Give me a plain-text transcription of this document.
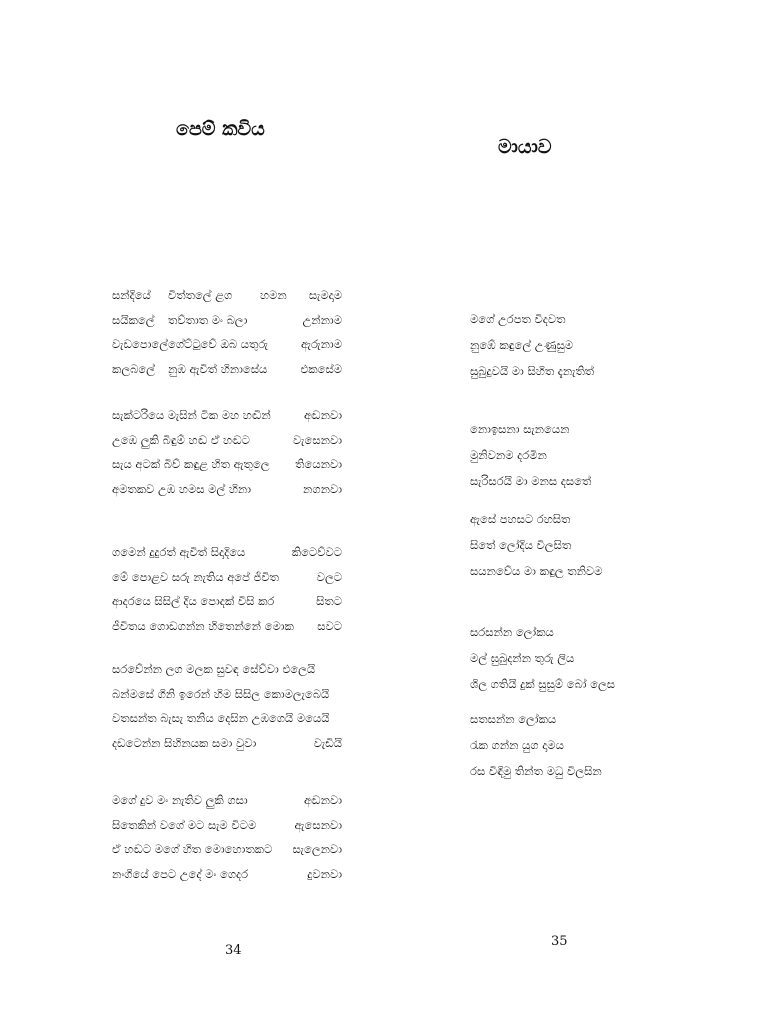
පෙම් කවිය
සන්දියේ විත්තලේ ළග හමන සැමදාම
සයිකලේ තව්තාත මං බලා	උන්නාම
වැඩපොලේ ගේට්ටුවේ ඔබ යතුරු	ඇරුනාම
කලබලේ නුඹ ඇවිත් හිනාසේය	එකසේම
සැක්ටරියෙ මැසින් ටික මහ හඬින්	අඬනවා
උඹෙ ලුකි බිඳුම් හඬ ඒ හඬට	වැසෙනවා
සැය අටක් බිව් කඳුළ හිත ඇතුලෙ තියෙනවා
අමතකව උඹ හමස මල් හිනා	නගනවා
ගමෙන් දුදුරත් ඇවිත් සිදාදියෙ	කිටෙව්වට
මේ පොළව සරු නැතිය අපේ ජිවිත	වලට
ආදරයෙ සිසිල් දිය පොදක් විසි කර	සිතට
ජීවිතය ගොඩගන්න හිතෙන්නේ මොක සවට
සරවේන්න ලග මලක සුවඳ සේව්වා එලෙයි
බන්මසේ ගිනි ඉරෙන් හිම සිසිල කොමලැබෙයි
වතසන්ත බැසැ තනිය දෙසින උඹගෙයි මයෙයි
දඩටෙන්න සිහිනයක සමා වුවා	වැඩියි
මගේ දුව මං නැතිව ලුකි ගසා	අඬනවා
සිතෙකින් වගේ මට සැම විටම	ඇසෙනවා
ඒ හඬට මගේ හිත මොහොතකට සැලෙනවා
නංගියේ පෙට උදේ මං ගෙදර	දුවනවා
34
මායාව
මගේ උරපත විදවත
නුඹේ කඳුලේ උණුසුම
සුබුදුවයි මා සිහිත දැනැතිත්
නොඉසනා සැනයෙන
මුනිවනම දරමින
සැරිසරයි මා මනස දසතේ
ඇසේ පහසට රහසිත
සිතේ ලෝදිය විලසිත
සයනවේය මා කඳුල තනිවම
සරසන්න ලෝකය
මල් ඝුබුදන්න තුරු ලිය
ශිල ගතියි දුක් සුසුම් බෝ ලෙස
සතසන්න ලෝකය
රැක ගන්න යුග දාමය
රස විඳිමු තින්ත මධු විලසින
35
